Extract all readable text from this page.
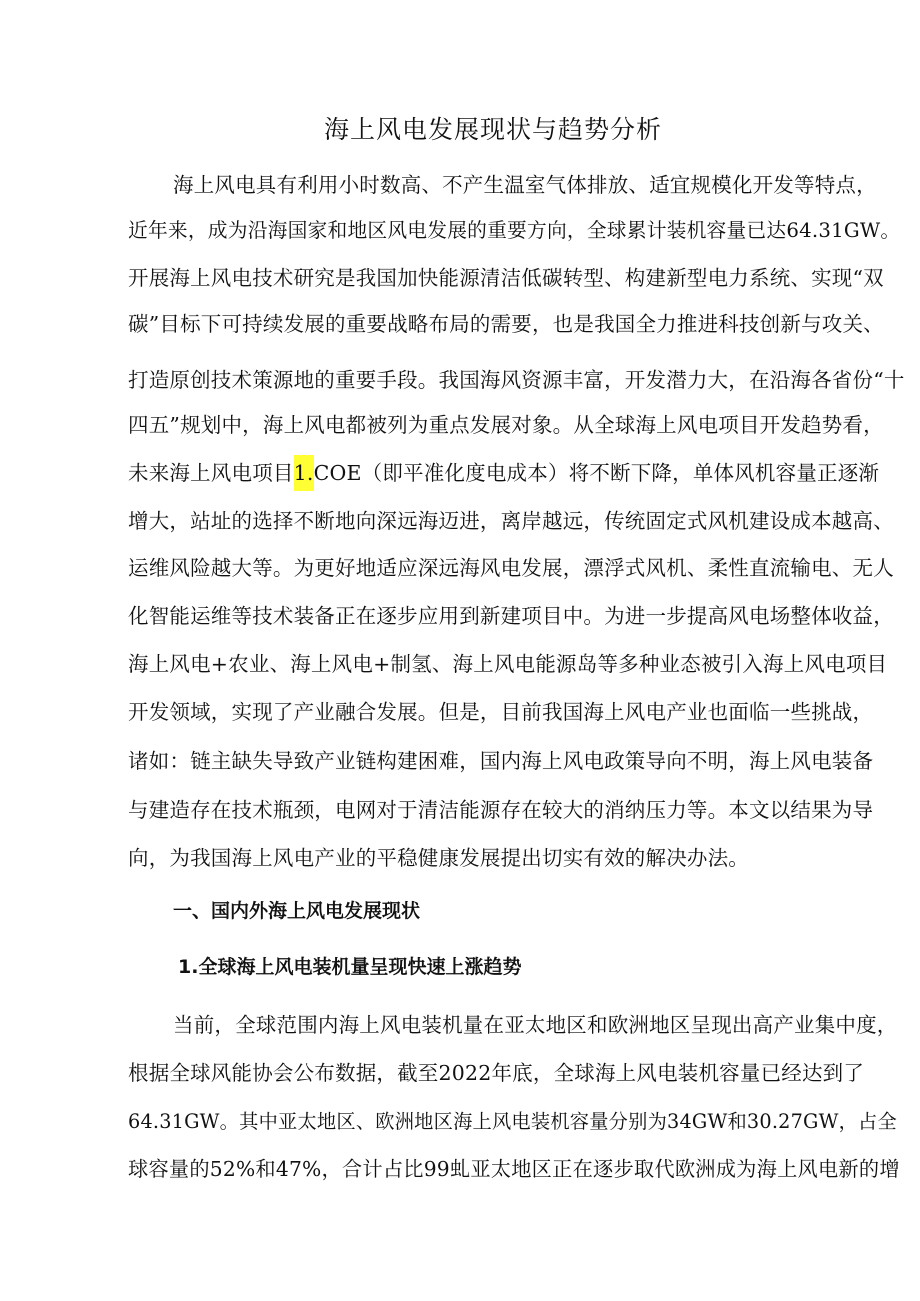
海上风电发展现状与趋势分析
海上风电具有利用小时数高、不产生温室气体排放、适宜规模化开发等特点，
近年来，成为沿海国家和地区风电发展的重要方向，全球累计装机容量已达64.31GW。
开展海上风电技术研究是我国加快能源清洁低碳转型、构建新型电力系统、实现“双
碳”目标下可持续发展的重要战略布局的需要，也是我国全力推进科技创新与攻关、
打造原创技术策源地的重要手段。我国海风资源丰富，开发潜力大，在沿海各省份“十
四五”规划中，海上风电都被列为重点发展对象。从全球海上风电项目开发趋势看，
未来海上风电项目1.COE（即平准化度电成本）将不断下降，单体风机容量正逐渐
增大，站址的选择不断地向深远海迈进，离岸越远，传统固定式风机建设成本越高、
运维风险越大等。为更好地适应深远海风电发展，漂浮式风机、柔性直流输电、无人
化智能运维等技术装备正在逐步应用到新建项目中。为进一步提高风电场整体收益，
海上风电+农业、海上风电+制氢、海上风电能源岛等多种业态被引入海上风电项目
开发领域，实现了产业融合发展。但是，目前我国海上风电产业也面临一些挑战，
诸如：链主缺失导致产业链构建困难，国内海上风电政策导向不明，海上风电装备
与建造存在技术瓶颈，电网对于清洁能源存在较大的消纳压力等。本文以结果为导
向，为我国海上风电产业的平稳健康发展提出切实有效的解决办法。
一、国内外海上风电发展现状
1.全球海上风电装机量呈现快速上涨趋势
当前，全球范围内海上风电装机量在亚太地区和欧洲地区呈现出高产业集中度，
根据全球风能协会公布数据，截至2022年底，全球海上风电装机容量已经达到了
64.31GW。其中亚太地区、欧洲地区海上风电装机容量分别为34GW和30.27GW，占全
球容量的52%和47%，合计占比99虬亚太地区正在逐步取代欧洲成为海上风电新的增
